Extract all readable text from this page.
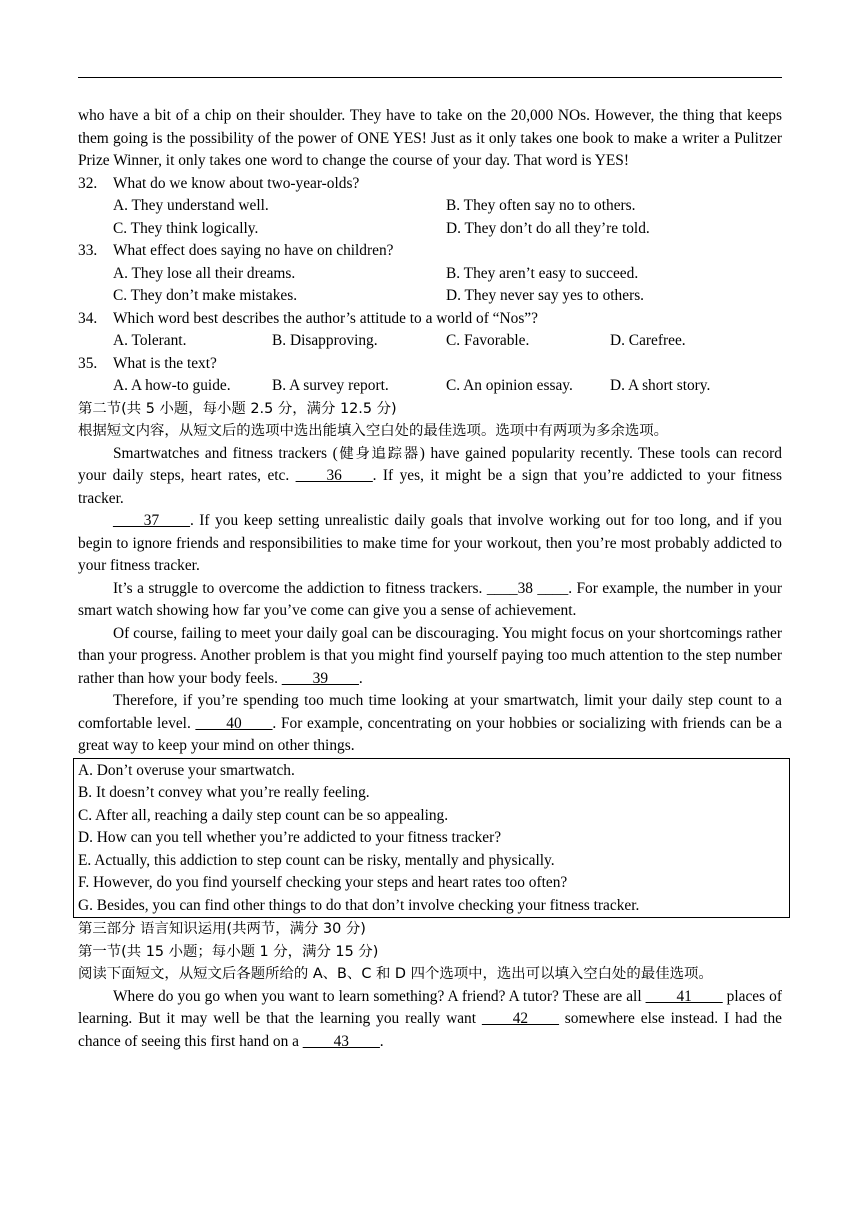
who have a bit of a chip on their shoulder. They have to take on the 20,000 NOs. However, the thing that keeps them going is the possibility of the power of ONE YES! Just as it only takes one book to make a writer a Pulitzer Prize Winner, it only takes one word to change the course of your day. That word is YES!

32.	What do we know about two-year-olds?
A. They understand well.	B. They often say no to others.
C. They think logically.	D. They don’t do all they’re told.
33.	What effect does saying no have on children?
A. They lose all their dreams.	B. They aren’t easy to succeed.
C. They don’t make mistakes.	D. They never say yes to others.
34.	Which word best describes the author’s attitude to a world of “Nos”?
A. Tolerant.	B. Disapproving.	C. Favorable.	D. Carefree.
35.	What is the text?
A. A how-to guide.	B. A survey report.	C. An opinion essay.	D. A short story.

第二节(共 5 小题，每小题 2.5 分，满分 12.5 分)

根据短文内容，从短文后的选项中选出能填入空白处的最佳选项。选项中有两项为多余选项。

Smartwatches and fitness trackers (健身追踪器) have gained popularity recently. These tools can record your daily steps, heart rates, etc. ____36____. If yes, it might be a sign that you’re addicted to your fitness tracker.

____37____. If you keep setting unrealistic daily goals that involve working out for too long, and if you begin to ignore friends and responsibilities to make time for your workout, then you’re most probably addicted to your fitness tracker.

It’s a struggle to overcome the addiction to fitness trackers. ____38 ____. For example, the number in your smart watch showing how far you’ve come can give you a sense of achievement.

Of course, failing to meet your daily goal can be discouraging. You might focus on your shortcomings rather than your progress. Another problem is that you might find yourself paying too much attention to the step number rather than how your body feels. ____39____.

Therefore, if you’re spending too much time looking at your smartwatch, limit your daily step count to a comfortable level. ____40____. For example, concentrating on your hobbies or socializing with friends can be a great way to keep your mind on other things.

A. Don’t overuse your smartwatch.
B. It doesn’t convey what you’re really feeling.
C. After all, reaching a daily step count can be so appealing.
D. How can you tell whether you’re addicted to your fitness tracker?
E. Actually, this addiction to step count can be risky, mentally and physically.
F. However, do you find yourself checking your steps and heart rates too often?
G. Besides, you can find other things to do that don’t involve checking your fitness tracker.

第三部分 语言知识运用(共两节，满分 30 分)

第一节(共 15 小题；每小题 1 分，满分 15 分)

阅读下面短文，从短文后各题所给的 A、B、C 和 D 四个选项中，选出可以填入空白处的最佳选项。

Where do you go when you want to learn something? A friend? A tutor? These are all ____41____ places of learning. But it may well be that the learning you really want ____42____ somewhere else instead. I had the chance of seeing this first hand on a ____43____.
